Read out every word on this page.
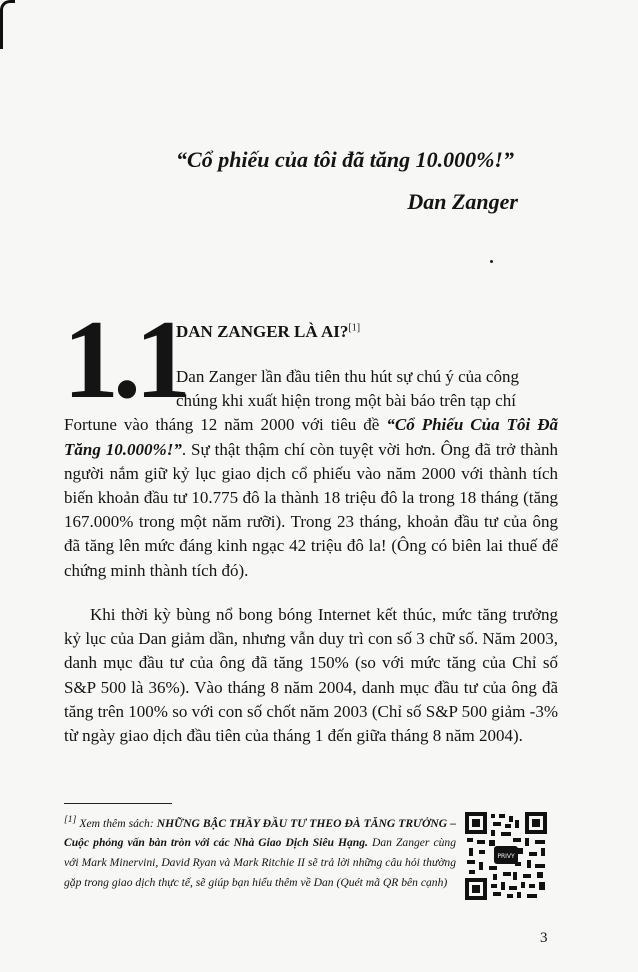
“Cổ phiếu của tôi đã tăng 10.000%!”
Dan Zanger
1.1
DAN ZANGER LÀ AI?[1]
Dan Zanger lần đầu tiên thu hút sự chú ý của công
chúng khi xuất hiện trong một bài báo trên tạp chí
Fortune vào tháng 12 năm 2000 với tiêu đề “Cổ Phiếu Của Tôi Đã Tăng 10.000%!”. Sự thật thậm chí còn tuyệt vời hơn. Ông đã trở thành người nắm giữ kỷ lục giao dịch cổ phiếu vào năm 2000 với thành tích biến khoản đầu tư 10.775 đô la thành 18 triệu đô la trong 18 tháng (tăng 167.000% trong một năm rưỡi). Trong 23 tháng, khoản đầu tư của ông đã tăng lên mức đáng kinh ngạc 42 triệu đô la! (Ông có biên lai thuế để chứng minh thành tích đó).
Khi thời kỳ bùng nổ bong bóng Internet kết thúc, mức tăng trưởng kỷ lục của Dan giảm dần, nhưng vẫn duy trì con số 3 chữ số. Năm 2003, danh mục đầu tư của ông đã tăng 150% (so với mức tăng của Chỉ số S&P 500 là 36%). Vào tháng 8 năm 2004, danh mục đầu tư của ông đã tăng trên 100% so với con số chốt năm 2003 (Chỉ số S&P 500 giảm -3% từ ngày giao dịch đầu tiên của tháng 1 đến giữa tháng 8 năm 2004).
[1] Xem thêm sách: NHỮNG BẬC THẦY ĐẦU TƯ THEO ĐÀ TĂNG TRƯỞNG – Cuộc phỏng vấn bàn tròn với các Nhà Giao Dịch Siêu Hạng. Dan Zanger cùng với Mark Minervini, David Ryan và Mark Ritchie II sẽ trả lời những câu hỏi thường gặp trong giao dịch thực tế, sẽ giúp bạn hiểu thêm về Dan (Quét mã QR bên cạnh)
PRIVY
3
